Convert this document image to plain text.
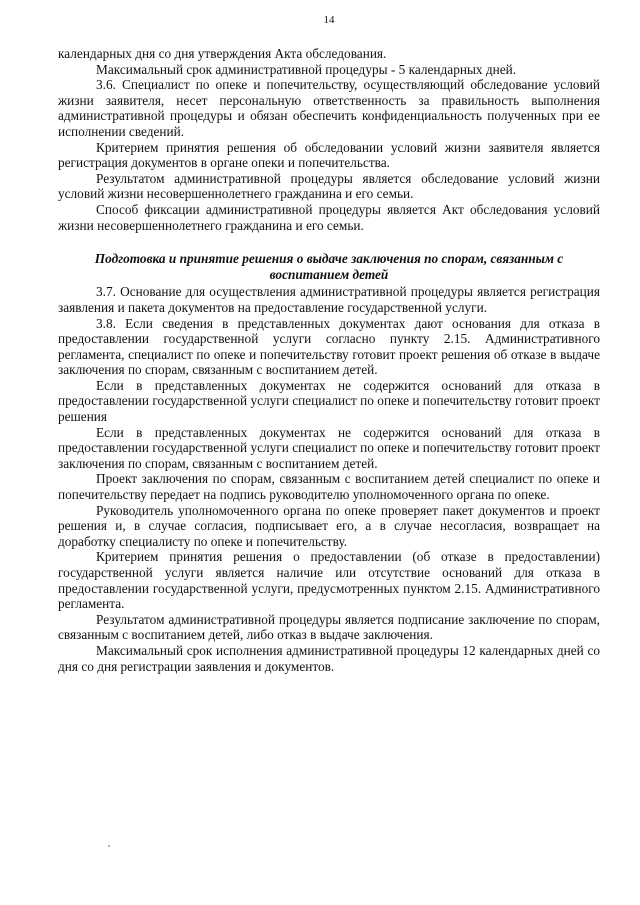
14

календарных дня со дня утверждения Акта обследования.

Максимальный срок административной процедуры - 5 календарных дней.

3.6. Специалист по опеке и попечительству, осуществляющий обследование условий жизни заявителя, несет персональную ответственность за правильность выполнения административной процедуры и обязан обеспечить конфиденциальность полученных при ее исполнении сведений.

Критерием принятия решения об обследовании условий жизни заявителя является регистрация документов в органе опеки и попечительства.

Результатом административной процедуры является обследование условий жизни условий жизни несовершеннолетнего гражданина и его семьи.

Способ фиксации административной процедуры является Акт обследования условий жизни несовершеннолетнего гражданина и его семьи.

Подготовка и принятие решения о выдаче заключения по спорам, связанным с воспитанием детей

3.7. Основание для осуществления административной процедуры является регистрация заявления и пакета документов на предоставление государственной услуги.

3.8. Если сведения в представленных документах дают основания для отказа в предоставлении государственной услуги согласно пункту 2.15. Административного регламента, специалист по опеке и попечительству готовит проект решения об отказе в выдаче заключения по спорам, связанным с воспитанием детей.

Если в представленных документах не содержится оснований для отказа в предоставлении государственной услуги специалист по опеке и попечительству готовит проект решения

Если в представленных документах не содержится оснований для отказа в предоставлении государственной услуги специалист по опеке и попечительству готовит проект заключения по спорам, связанным с воспитанием детей.

Проект заключения по спорам, связанным с воспитанием детей специалист по опеке и попечительству передает на подпись руководителю уполномоченного органа по опеке.

Руководитель уполномоченного органа по опеке проверяет пакет документов и проект решения и, в случае согласия, подписывает его, а в случае несогласия, возвращает на доработку специалисту по опеке и попечительству.

Критерием принятия решения о предоставлении (об отказе в предоставлении) государственной услуги является наличие или отсутствие оснований для отказа в предоставлении государственной услуги, предусмотренных пунктом 2.15. Административного регламента.

Результатом административной процедуры является подписание заключение по спорам, связанным с воспитанием детей, либо отказ в выдаче заключения.

Максимальный срок исполнения административной процедуры 12 календарных дней со дня со дня регистрации заявления и документов.
